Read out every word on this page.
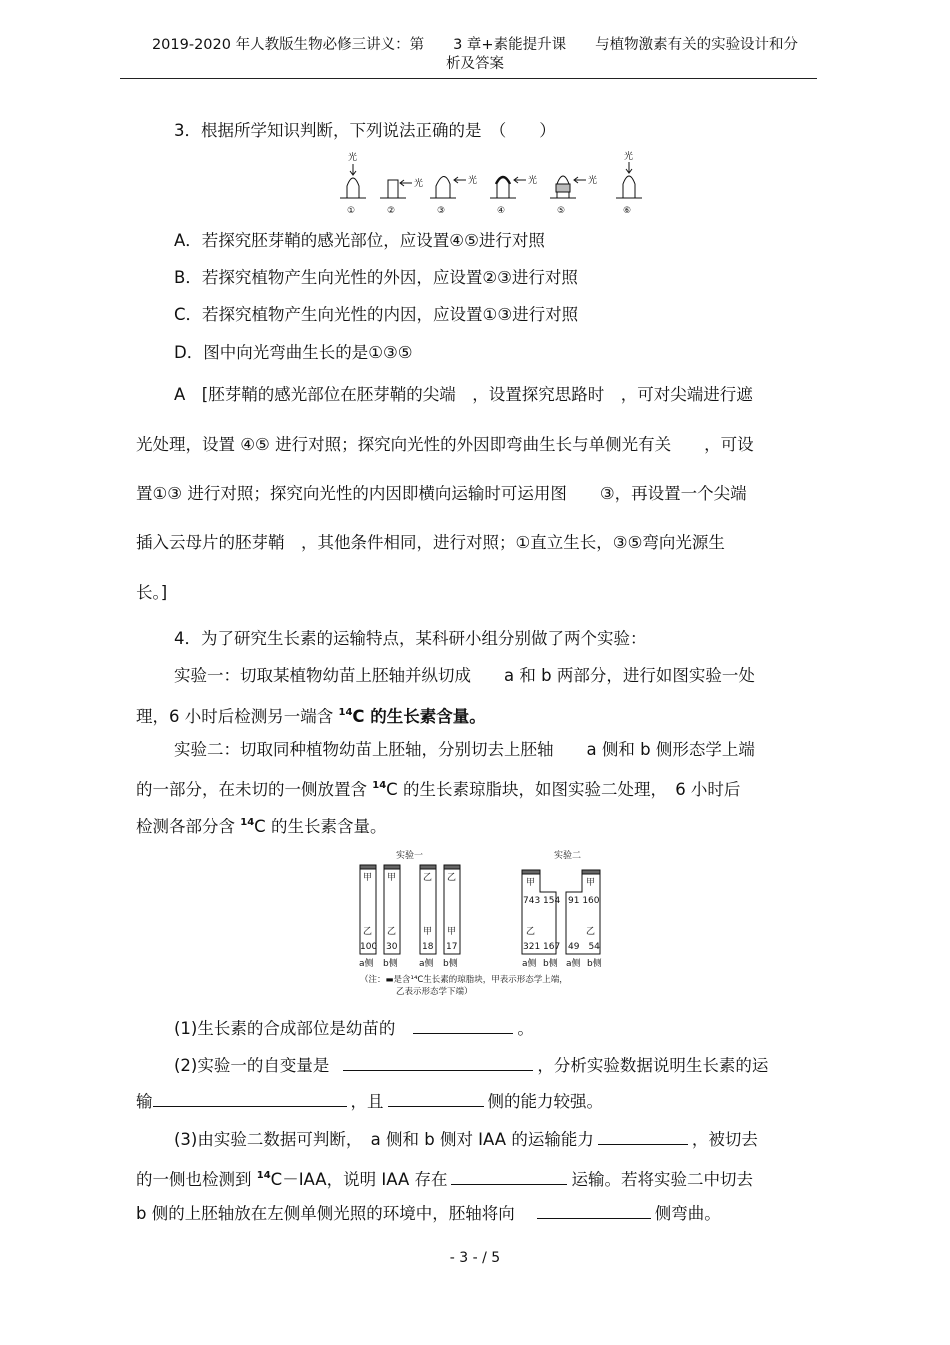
2019-2020 年人教版生物必修三讲义：第　　3 章+素能提升课　　与植物激素有关的实验设计和分
析及答案
3．根据所学知识判断，下列说法正确的是　（　　）
光
光	光	光	光
光
①	②	③	④	⑤	⑥
A．若探究胚芽鞘的感光部位，应设置④⑤进行对照
B．若探究植物产生向光性的外因，应设置②③进行对照
C．若探究植物产生向光性的内因，应设置①③进行对照
D．图中向光弯曲生长的是①③⑤
A　[胚芽鞘的感光部位在胚芽鞘的尖端　，设置探究思路时　，可对尖端进行遮
光处理，设置 ④⑤ 进行对照；探究向光性的外因即弯曲生长与单侧光有关　　，可设
置①③ 进行对照；探究向光性的内因即横向运输时可运用图　　③，再设置一个尖端
插入云母片的胚芽鞘　，其他条件相同，进行对照；①直立生长，③⑤弯向光源生
长。]
4．为了研究生长素的运输特点，某科研小组分别做了两个实验：
实验一：切取某植物幼苗上胚轴并纵切成　　a 和 b 两部分，进行如图实验一处
理，6 小时后检测另一端含 $^{14}$C 的生长素含量。
实验二：切取同种植物幼苗上胚轴，分别切去上胚轴　　a 侧和 b 侧形态学上端
的一部分，在未切的一侧放置含 $^{14}$C 的生长素琼脂块，如图实验二处理，　6 小时后
检测各部分含 $^{14}$C 的生长素含量。
实验一	实验二
甲 甲	乙 乙
乙 乙	甲 甲
100 30	18 17
a侧 b侧 a侧 b侧
甲
743 154
乙
321 167
甲
91 160
乙
49　54
a侧 b侧 a侧 b侧
（注：▬是含¹⁴C生长素的琼脂块，甲表示形态学上端，
乙表示形态学下端）
(1)生长素的合成部位是幼苗的	。
(2)实验一的自变量是	，分析实验数据说明生长素的运
输	，且	侧的能力较强。
(3)由实验二数据可判断，　a 侧和 b 侧对 IAA 的运输能力	，被切去
的一侧也检测到 $^{14}$C－IAA，说明 IAA 存在	运输。若将实验二中切去
b 侧的上胚轴放在左侧单侧光照的环境中，胚轴将向	侧弯曲。
- 3 - / 5
